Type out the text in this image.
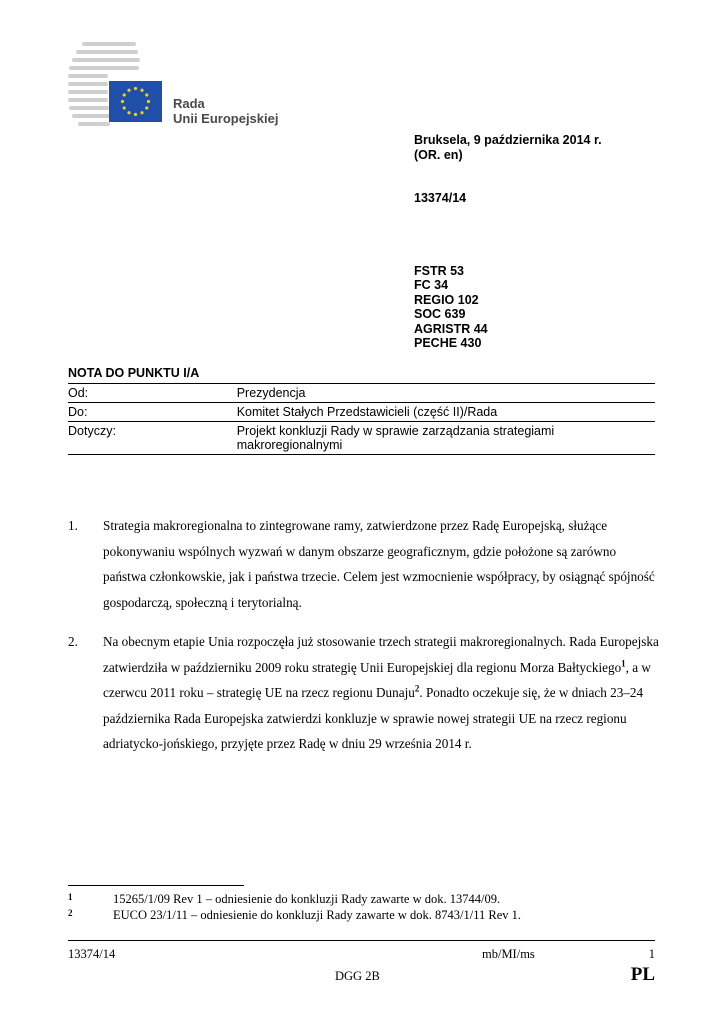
Rada
Unii Europejskiej
Bruksela, 9 października 2014 r.
(OR. en)
13374/14
FSTR 53
FC 34
REGIO 102
SOC 639
AGRISTR 44
PECHE 430
NOTA DO PUNKTU I/A
Od:	Prezydencja
Do:	Komitet Stałych Przedstawicieli (część II)/Rada
Dotyczy:	Projekt konkluzji Rady w sprawie zarządzania strategiami makroregionalnymi
1.	Strategia makroregionalna to zintegrowane ramy, zatwierdzone przez Radę Europejską, służące pokonywaniu wspólnych wyzwań w danym obszarze geograficznym, gdzie położone są zarówno państwa członkowskie, jak i państwa trzecie. Celem jest wzmocnienie współpracy, by osiągnąć spójność gospodarczą, społeczną i terytorialną.
2.	Na obecnym etapie Unia rozpoczęła już stosowanie trzech strategii makroregionalnych. Rada Europejska zatwierdziła w październiku 2009 roku strategię Unii Europejskiej dla regionu Morza Bałtyckiego$^1$, a w czerwcu 2011 roku – strategię UE na rzecz regionu Dunaju$^2$. Ponadto oczekuje się, że w dniach 23–24 października Rada Europejska zatwierdzi konkluzje w sprawie nowej strategii UE na rzecz regionu adriatycko-jońskiego, przyjęte przez Radę w dniu 29 września 2014 r.
1	15265/1/09 Rev 1 – odniesienie do konkluzji Rady zawarte w dok. 13744/09.
2	EUCO 23/1/11 – odniesienie do konkluzji Rady zawarte w dok. 8743/1/11 Rev 1.
13374/14	mb/MI/ms	1
DGG 2B	PL
